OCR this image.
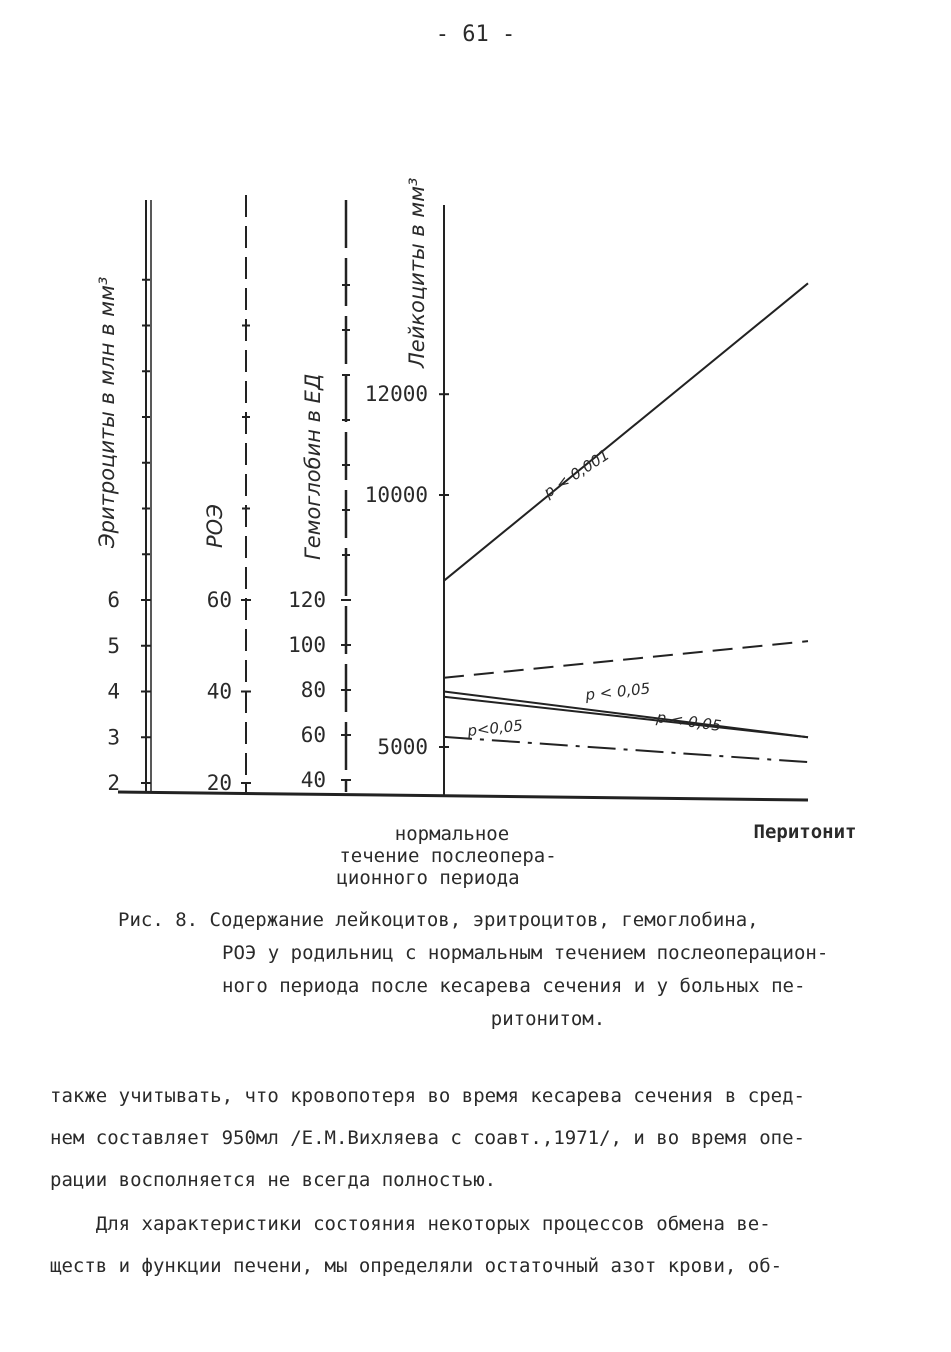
- 61 -
Эритроциты в млн в мм³	РОЭ	Гемоглобин в ЕД
Лейкоциты в мм³
2
3
4
5
6
20
40
60
40
60
80
100
120
5000
10000
12000
p < 0,001
p < 0,05
p < 0,05
p<0,05
нормальное
течение послеопера-
ционного периода
Перитонит
Рис. 8. Содержание лейкоцитов, эритроцитов, гемоглобина,
РОЭ у родильниц с нормальным течением послеоперацион-
ного периода после кесарева сечения и у больных пе-
ритонитом.
также учитывать, что кровопотеря во время кесарева сечения в сред-
нем составляет 950мл /Е.М.Вихляева с соавт.,1971/, и во время опе-
рации восполняется не всегда полностью.
Для характеристики состояния некоторых процессов обмена ве-
ществ и функции печени, мы определяли остаточный азот крови, об-
